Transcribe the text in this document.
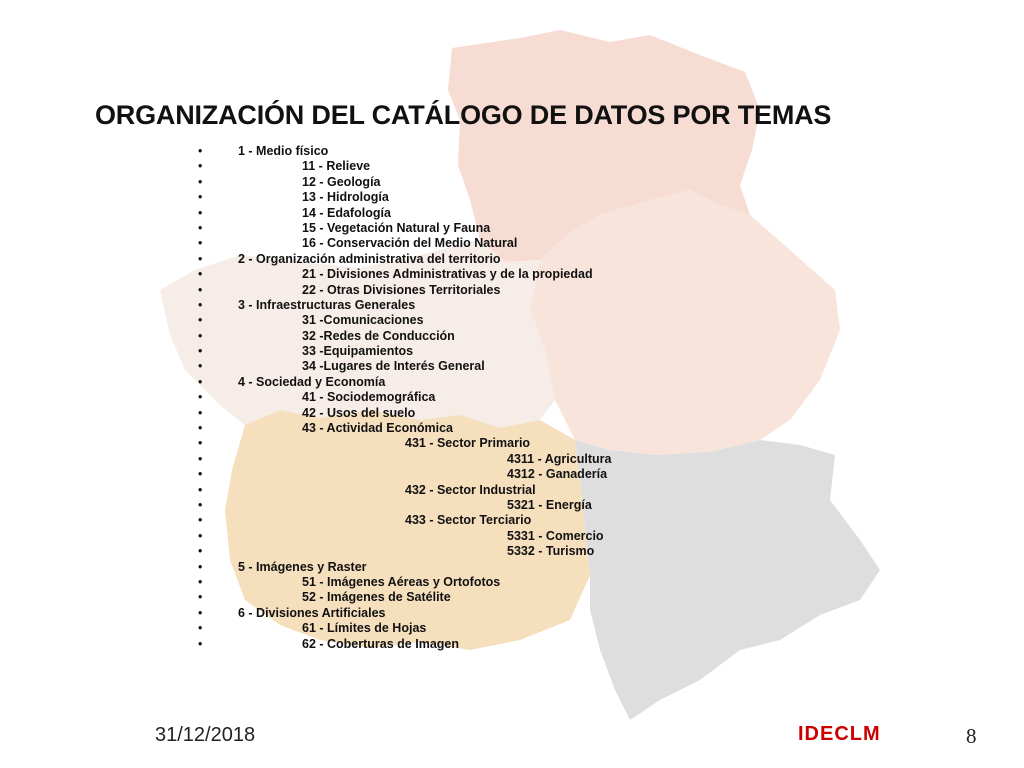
ORGANIZACIÓN DEL CATÁLOGO DE DATOS POR TEMAS
•	1 - Medio físico
•	11 - Relieve
•	12 - Geología
•	13 - Hidrología
•	14 - Edafología
•	15 - Vegetación Natural y Fauna
•	16 - Conservación del Medio Natural
•	2 - Organización administrativa del territorio
•	21 - Divisiones Administrativas y de la propiedad
•	22 - Otras Divisiones Territoriales
•	3 - Infraestructuras Generales
•	31 -Comunicaciones
•	32 -Redes de Conducción
•	33 -Equipamientos
•	34 -Lugares de Interés General
•	4 - Sociedad y Economía
•	41 - Sociodemográfica
•	42 - Usos del suelo
•	43 - Actividad Económica
•	431 - Sector Primario
•	4311 - Agricultura
•	4312 - Ganadería
•	432 - Sector Industrial
•	5321 - Energía
•	433 - Sector Terciario
•	5331 - Comercio
•	5332 - Turismo
•	5 - Imágenes y Raster
•	51 - Imágenes Aéreas y Ortofotos
•	52 - Imágenes de Satélite
•	6 - Divisiones Artificiales
•	61 - Límites de Hojas
•	62 - Coberturas de Imagen
31/12/2018	IDECLM	8
